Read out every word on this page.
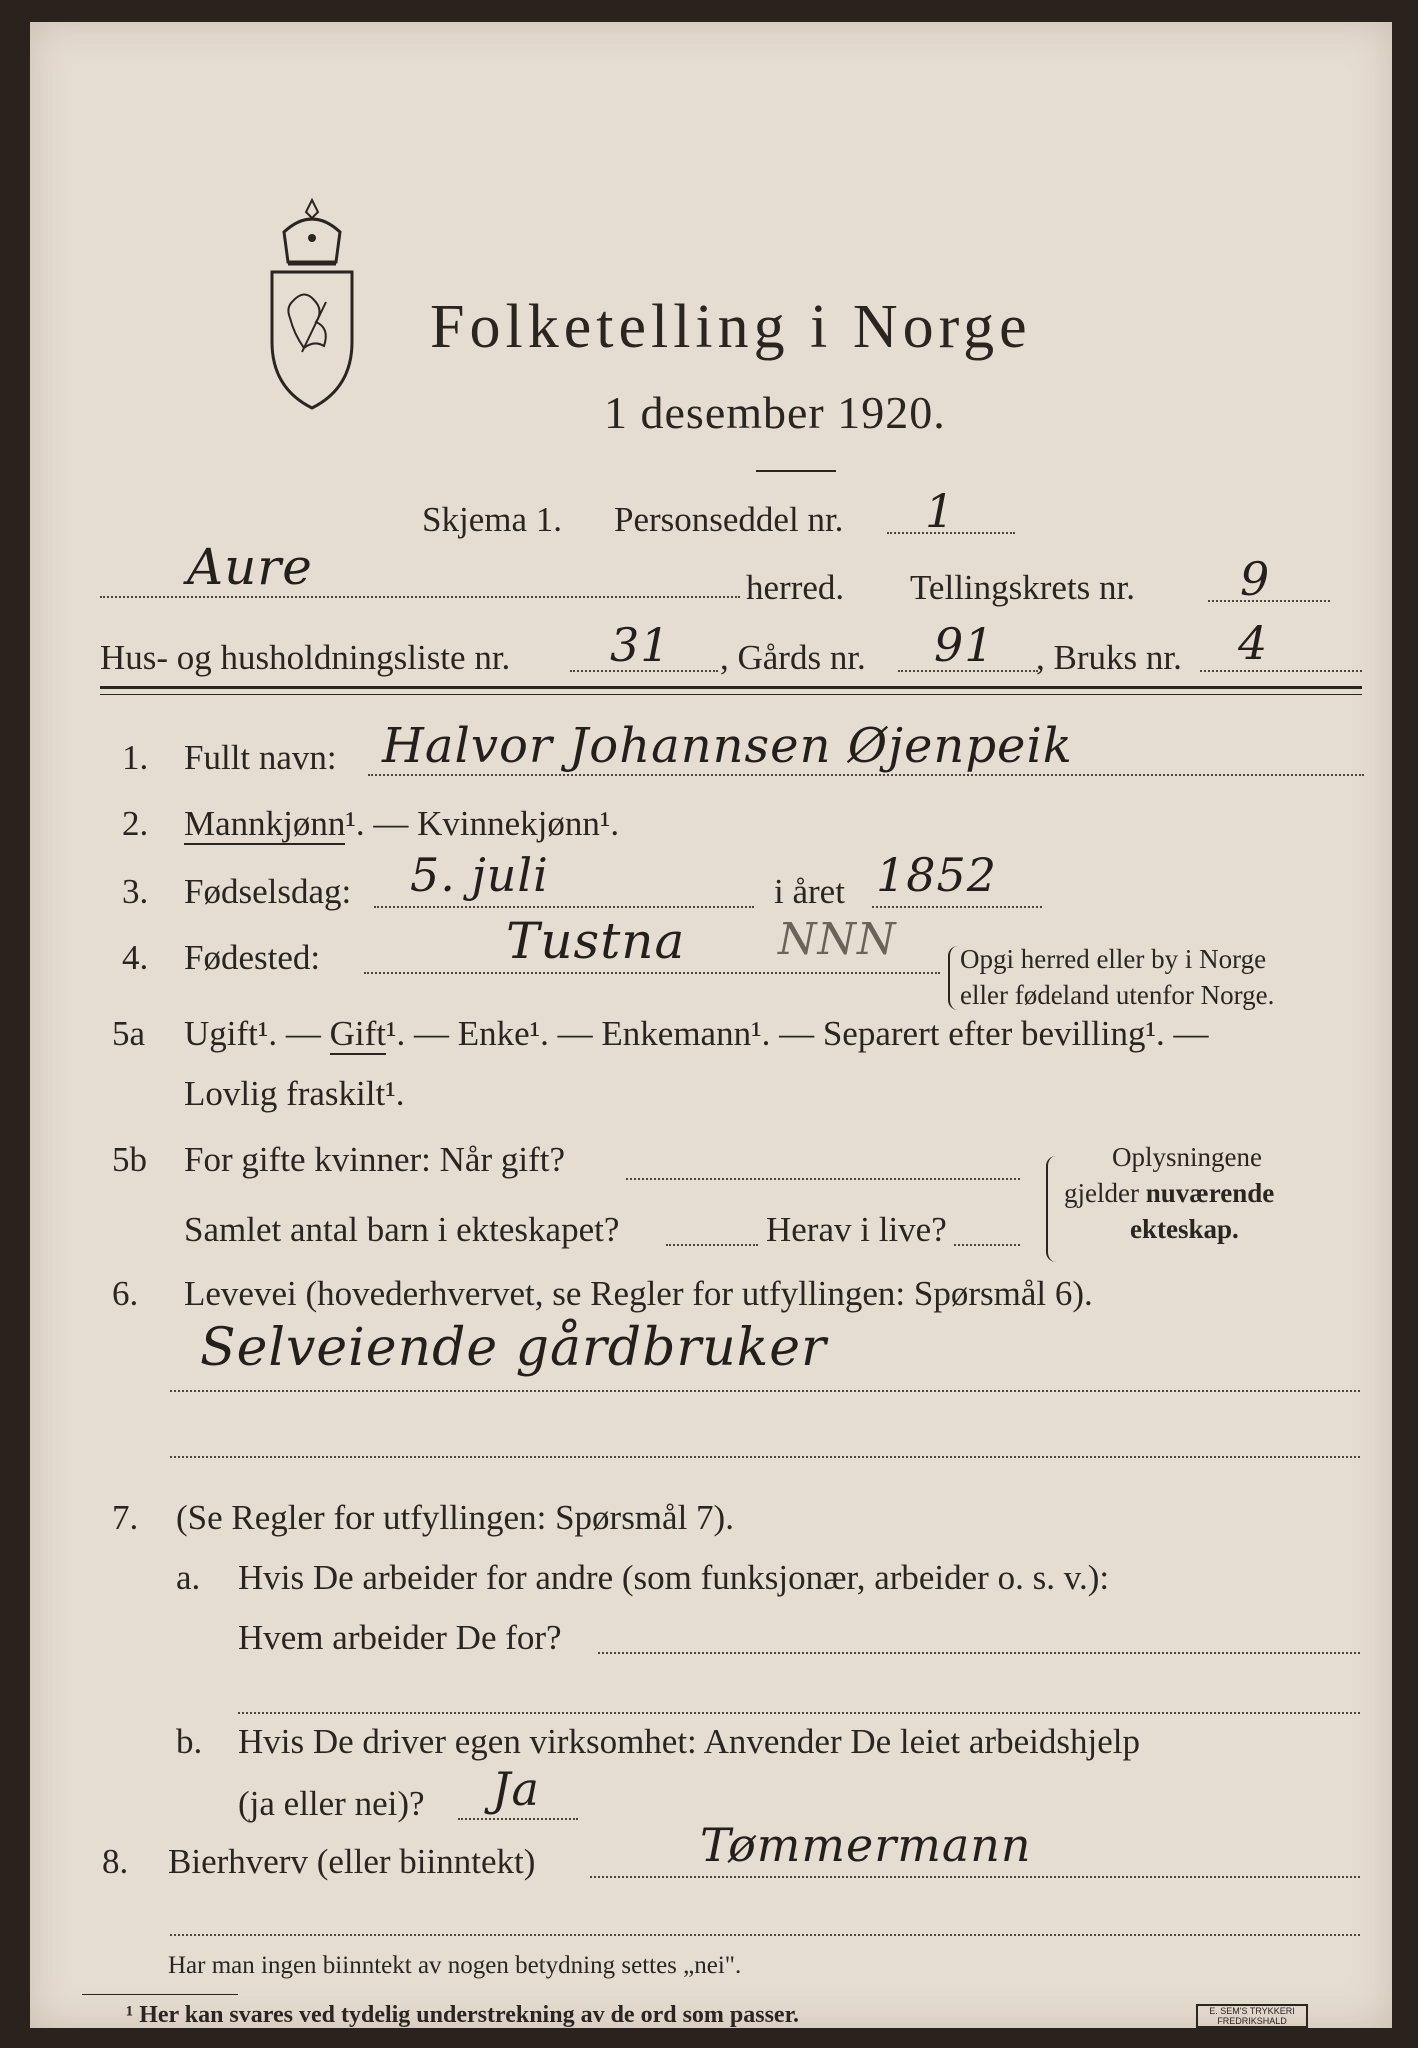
Folketelling i Norge
1 desember 1920.
Skjema 1. Personseddel nr. 1
Aure	herred. Tellingskrets nr. 9
Hus- og husholdningsliste nr. 31 , Gårds nr. 91 , Bruks nr. 4
1. Fullt navn: Halvor Johannsen Øjenpeik
2. Mannkjønn¹. — Kvinnekjønn¹.
3. Fødselsdag: 5. juli	i året 1852
4. Fødested:	Tustna NNN Opgi herred eller by i Norge
eller fødeland utenfor Norge.
5a Ugift¹. — Gift¹. — Enke¹. — Enkemann¹. — Separert efter bevilling¹. —
Lovlig fraskilt¹.
5b For gifte kvinner: Når gift?
Samlet antal barn i ekteskapet?	Herav i live?
Oplysningene
gjelder nuværende
ekteskap.
6. Levevei (hovederhvervet, se Regler for utfyllingen: Spørsmål 6).
Selveiende gårdbruker
7. (Se Regler for utfyllingen: Spørsmål 7).
a. Hvis De arbeider for andre (som funksjonær, arbeider o. s. v.):
Hvem arbeider De for?
b. Hvis De driver egen virksomhet: Anvender De leiet arbeidshjelp
(ja eller nei)? Ja
8. Bierhverv (eller biinntekt)	Tømmermann
Har man ingen biinntekt av nogen betydning settes „nei".
¹ Her kan svares ved tydelig understrekning av de ord som passer.	E. SEM'S TRYKKERI FREDRIKSHALD
